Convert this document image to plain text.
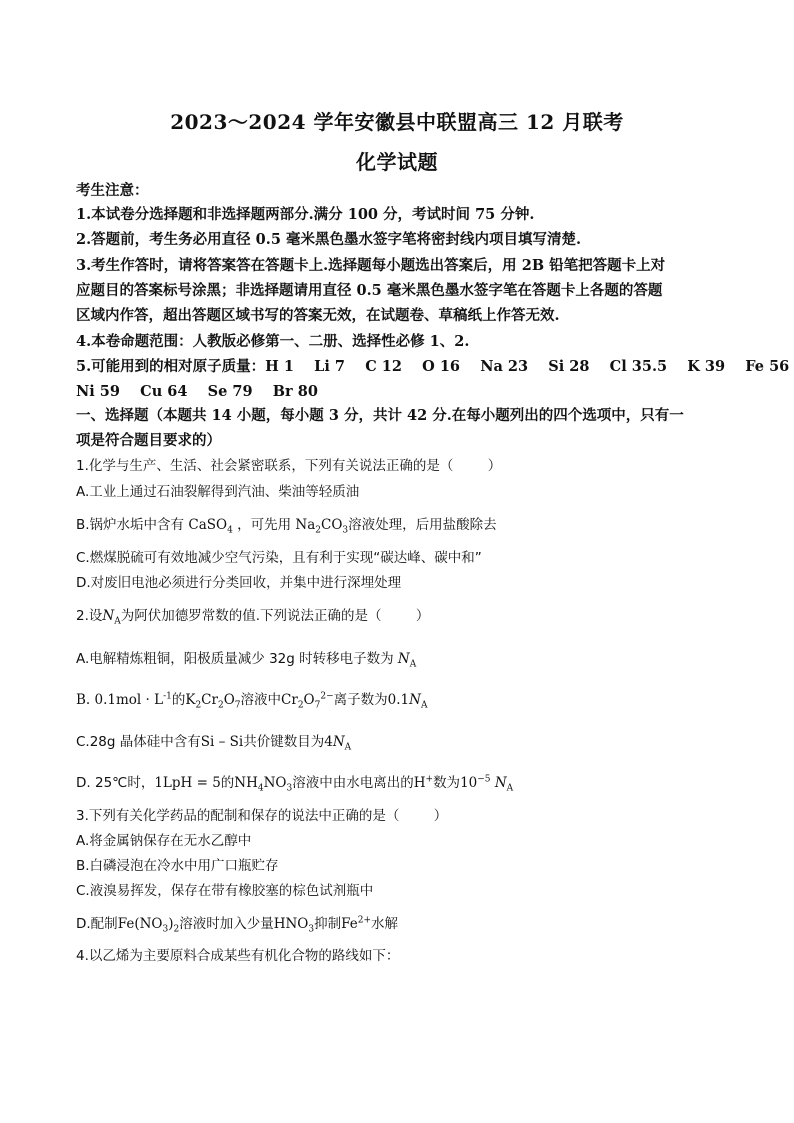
2023～2024 学年安徽县中联盟高三 12 月联考
化学试题
考生注意：
1.本试卷分选择题和非选择题两部分.满分 100 分，考试时间 75 分钟.
2.答题前，考生务必用直径 0.5 毫米黑色墨水签字笔将密封线内项目填写清楚.
3.考生作答时，请将答案答在答题卡上.选择题每小题选出答案后，用 2B 铅笔把答题卡上对
应题目的答案标号涂黑；非选择题请用直径 0.5 毫米黑色墨水签字笔在答题卡上各题的答题
区域内作答，超出答题区域书写的答案无效，在试题卷、草稿纸上作答无效.
4.本卷命题范围：人教版必修第一、二册、选择性必修 1、2.
5.可能用到的相对原子质量：H 1    Li 7    C 12    O 16    Na 23    Si 28    Cl 35.5    K 39    Fe 56
Ni 59    Cu 64    Se 79    Br 80
一、选择题（本题共 14 小题，每小题 3 分，共计 42 分.在每小题列出的四个选项中，只有一
项是符合题目要求的）
1.化学与生产、生活、社会紧密联系，下列有关说法正确的是（        ）
A.工业上通过石油裂解得到汽油、柴油等轻质油
B.锅炉水垢中含有 CaSO$_4$ ，可先用 $Na_2CO_3$溶液处理，后用盐酸除去
C.燃煤脱硫可有效地减少空气污染，且有利于实现“碳达峰、碳中和”
D.对废旧电池必须进行分类回收，并集中进行深埋处理
2.设$N_A$为阿伏加德罗常数的值.下列说法正确的是（        ）
A.电解精炼粗铜，阳极质量减少 32g 时转移电子数为 $N_A$
B. $0.1mol \cdot L^{-1}$的$K_2Cr_2O_7$溶液中$Cr_2O_7^{2-}$离子数为$0.1N_A$
C.28g 晶体硅中含有Si – Si共价键数目为$4N_A$
D. 25℃时，1LpH = 5的$NH_4NO_3$溶液中由水电离出的H+数为$10^{-5}$ $N_A$
3.下列有关化学药品的配制和保存的说法中正确的是（        ）
A.将金属钠保存在无水乙醇中
B.白磷浸泡在冷水中用广口瓶贮存
C.液溴易挥发，保存在带有橡胶塞的棕色试剂瓶中
D.配制$Fe(NO_3)_2$溶液时加入少量$HNO_3$抑制$Fe^{2+}$水解
4.以乙烯为主要原料合成某些有机化合物的路线如下：
